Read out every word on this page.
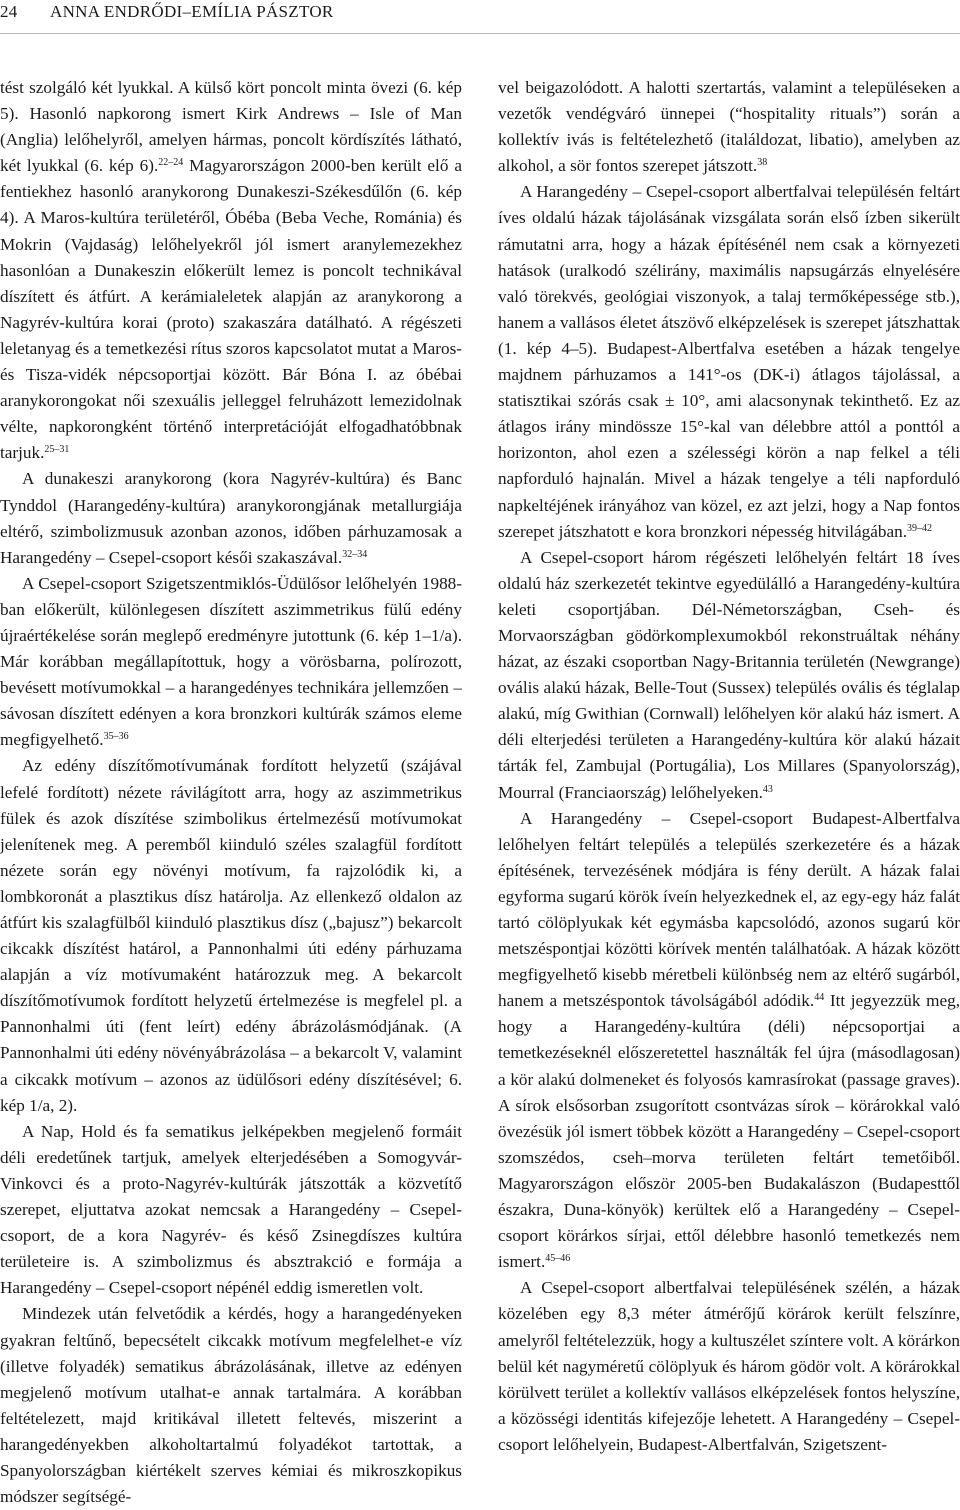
24 ANNA ENDRŐDI–EMÍLIA PÁSZTOR

tést szolgáló két lyukkal. A külső kört poncolt minta övezi (6. kép 5). Hasonló napkorong ismert Kirk Andrews – Isle of Man (Anglia) lelőhelyről, amelyen hármas, poncolt kördíszítés látható, két lyukkal (6. kép 6).$^{22-24}$ Magyarországon 2000-ben került elő a fentiekhez hasonló aranykorong Dunakeszi-Székesdűlőn (6. kép 4). A Maros-kultúra területéről, Óbéba (Beba Veche, Románia) és Mokrin (Vajdaság) lelőhelyekről jól ismert aranylemezekhez hasonlóan a Dunakeszin előkerült lemez is poncolt technikával díszített és átfúrt. A kerámialeletek alapján az aranykorong a Nagyrév-kultúra korai (proto) szakaszára datálható. A régészeti leletanyag és a temetkezési rítus szoros kapcsolatot mutat a Maros- és Tisza-vidék népcsoportjai között. Bár Bóna I. az óbébai aranykorongokat női szexuális jelleggel felruházott lemezidolnak vélte, napkorongként történő interpretációját elfogadhatóbbnak tarjuk.$^{25-31}$

A dunakeszi aranykorong (kora Nagyrév-kultúra) és Banc Tynddol (Harangedény-kultúra) aranykorongjának metallurgiája eltérő, szimbolizmusuk azonban azonos, időben párhuzamosak a Harangedény – Csepel-csoport késői szakaszával.$^{32-34}$

A Csepel-csoport Szigetszentmiklós-Üdülősor lelőhelyén 1988-ban előkerült, különlegesen díszített aszimmetrikus fülű edény újraértékelése során meglepő eredményre jutottunk (6. kép 1–1/a). Már korábban megállapítottuk, hogy a vörösbarna, polírozott, bevésett motívumokkal – a harangedényes technikára jellemzően – sávosan díszített edényen a kora bronzkori kultúrák számos eleme megfigyelhető.$^{35-36}$

Az edény díszítőmotívumának fordított helyzetű (szájával lefelé fordított) nézete rávilágított arra, hogy az aszimmetrikus fülek és azok díszítése szimbolikus értelmezésű motívumokat jelenítenek meg. A peremből kiinduló széles szalagfül fordított nézete során egy növényi motívum, fa rajzolódik ki, a lombkoronát a plasztikus dísz határolja. Az ellenkező oldalon az átfúrt kis szalagfülből kiinduló plasztikus dísz („bajusz”) bekarcolt cikcakk díszítést határol, a Pannonhalmi úti edény párhuzama alapján a víz motívumaként határozzuk meg. A bekarcolt díszítőmotívumok fordított helyzetű értelmezése is megfelel pl. a Pannonhalmi úti (fent leírt) edény ábrázolásmódjának. (A Pannonhalmi úti edény növényábrázolása – a bekarcolt V, valamint a cikcakk motívum – azonos az üdülősori edény díszítésével; 6. kép 1/a, 2).

A Nap, Hold és fa sematikus jelképekben megjelenő formáit déli eredetűnek tartjuk, amelyek elterjedésében a Somogyvár-Vinkovci és a proto-Nagyrév-kultúrák játszották a közvetítő szerepet, eljuttatva azokat nemcsak a Harangedény – Csepel-csoport, de a kora Nagyrév- és késő Zsinegdíszes kultúra területeire is. A szimbolizmus és absztrakció e formája a Harangedény – Csepel-csoport népénél eddig ismeretlen volt.

Mindezek után felvetődik a kérdés, hogy a harangedényeken gyakran feltűnő, bepecsételt cikcakk motívum megfelelhet-e víz (illetve folyadék) sematikus ábrázolásának, illetve az edényen megjelenő motívum utalhat-e annak tartalmára. A korábban feltételezett, majd kritikával illetett feltevés, miszerint a harangedényekben alkoholtartalmú folyadékot tartottak, a Spanyolországban kiértékelt szerves kémiai és mikroszkopikus módszer segítségé-

vel beigazolódott. A halotti szertartás, valamint a településeken a vezetők vendégváró ünnepei (“hospitality rituals”) során a kollektív ivás is feltételezhető (italáldozat, libatio), amelyben az alkohol, a sör fontos szerepet játszott.$^{38}$

A Harangedény – Csepel-csoport albertfalvai településén feltárt íves oldalú házak tájolásának vizsgálata során első ízben sikerült rámutatni arra, hogy a házak építésénél nem csak a környezeti hatások (uralkodó szélirány, maximális napsugárzás elnyelésére való törekvés, geológiai viszonyok, a talaj termőképessége stb.), hanem a vallásos életet átszövő elképzelések is szerepet játszhattak (1. kép 4–5). Budapest-Albertfalva esetében a házak tengelye majdnem párhuzamos a 141°-os (DK-i) átlagos tájolással, a statisztikai szórás csak ± 10°, ami alacsonynak tekinthető. Ez az átlagos irány mindössze 15°-kal van délebbre attól a ponttól a horizonton, ahol ezen a szélességi körön a nap felkel a téli napforduló hajnalán. Mivel a házak tengelye a téli napforduló napkeltéjének irányához van közel, ez azt jelzi, hogy a Nap fontos szerepet játszhatott e kora bronzkori népesség hitvilágában.$^{39-42}$

A Csepel-csoport három régészeti lelőhelyén feltárt 18 íves oldalú ház szerkezetét tekintve egyedülálló a Harangedény-kultúra keleti csoportjában. Dél-Németországban, Cseh- és Morvaországban gödörkomplexumokból rekonstruáltak néhány házat, az északi csoportban Nagy-Britannia területén (Newgrange) ovális alakú házak, Belle-Tout (Sussex) település ovális és téglalap alakú, míg Gwithian (Cornwall) lelőhelyen kör alakú ház ismert. A déli elterjedési területen a Harangedény-kultúra kör alakú házait tárták fel, Zambujal (Portugália), Los Millares (Spanyolország), Mourral (Franciaország) lelőhelyeken.$^{43}$

A Harangedény – Csepel-csoport Budapest-Albertfalva lelőhelyen feltárt település a település szerkezetére és a házak építésének, tervezésének módjára is fény derült. A házak falai egyforma sugarú körök íveín helyezkednek el, az egy-egy ház falát tartó cölöplyukak két egymásba kapcsolódó, azonos sugarú kör metszéspontjai közötti körívek mentén találhatóak. A házak között megfigyelhető kisebb méretbeli különbség nem az eltérő sugárból, hanem a metszéspontok távolságából adódik.$^{44}$ Itt jegyezzük meg, hogy a Harangedény-kultúra (déli) népcsoportjai a temetkezéseknél előszeretettel használták fel újra (másodlagosan) a kör alakú dolmeneket és folyosós kamrasírokat (passage graves). A sírok elsősorban zsugorított csontvázas sírok – körárokkal való övezésük jól ismert többek között a Harangedény – Csepel-csoport szomszédos, cseh–morva területen feltárt temetőiből. Magyarországon először 2005-ben Budakalászon (Budapesttől északra, Duna-könyök) kerültek elő a Harangedény – Csepel-csoport körárkos sírjai, ettől délebbre hasonló temetkezés nem ismert.$^{45-46}$

A Csepel-csoport albertfalvai településének szélén, a házak közelében egy 8,3 méter átmérőjű körárok került felszínre, amelyről feltételezzük, hogy a kultuszélet színtere volt. A körárkon belül két nagyméretű cölöplyuk és három gödör volt. A körárokkal körülvett terület a kollektív vallásos elképzelések fontos helyszíne, a közösségi identitás kifejezője lehetett. A Harangedény – Csepel-csoport lelőhelyein, Budapest-Albertfalván, Szigetszent-
